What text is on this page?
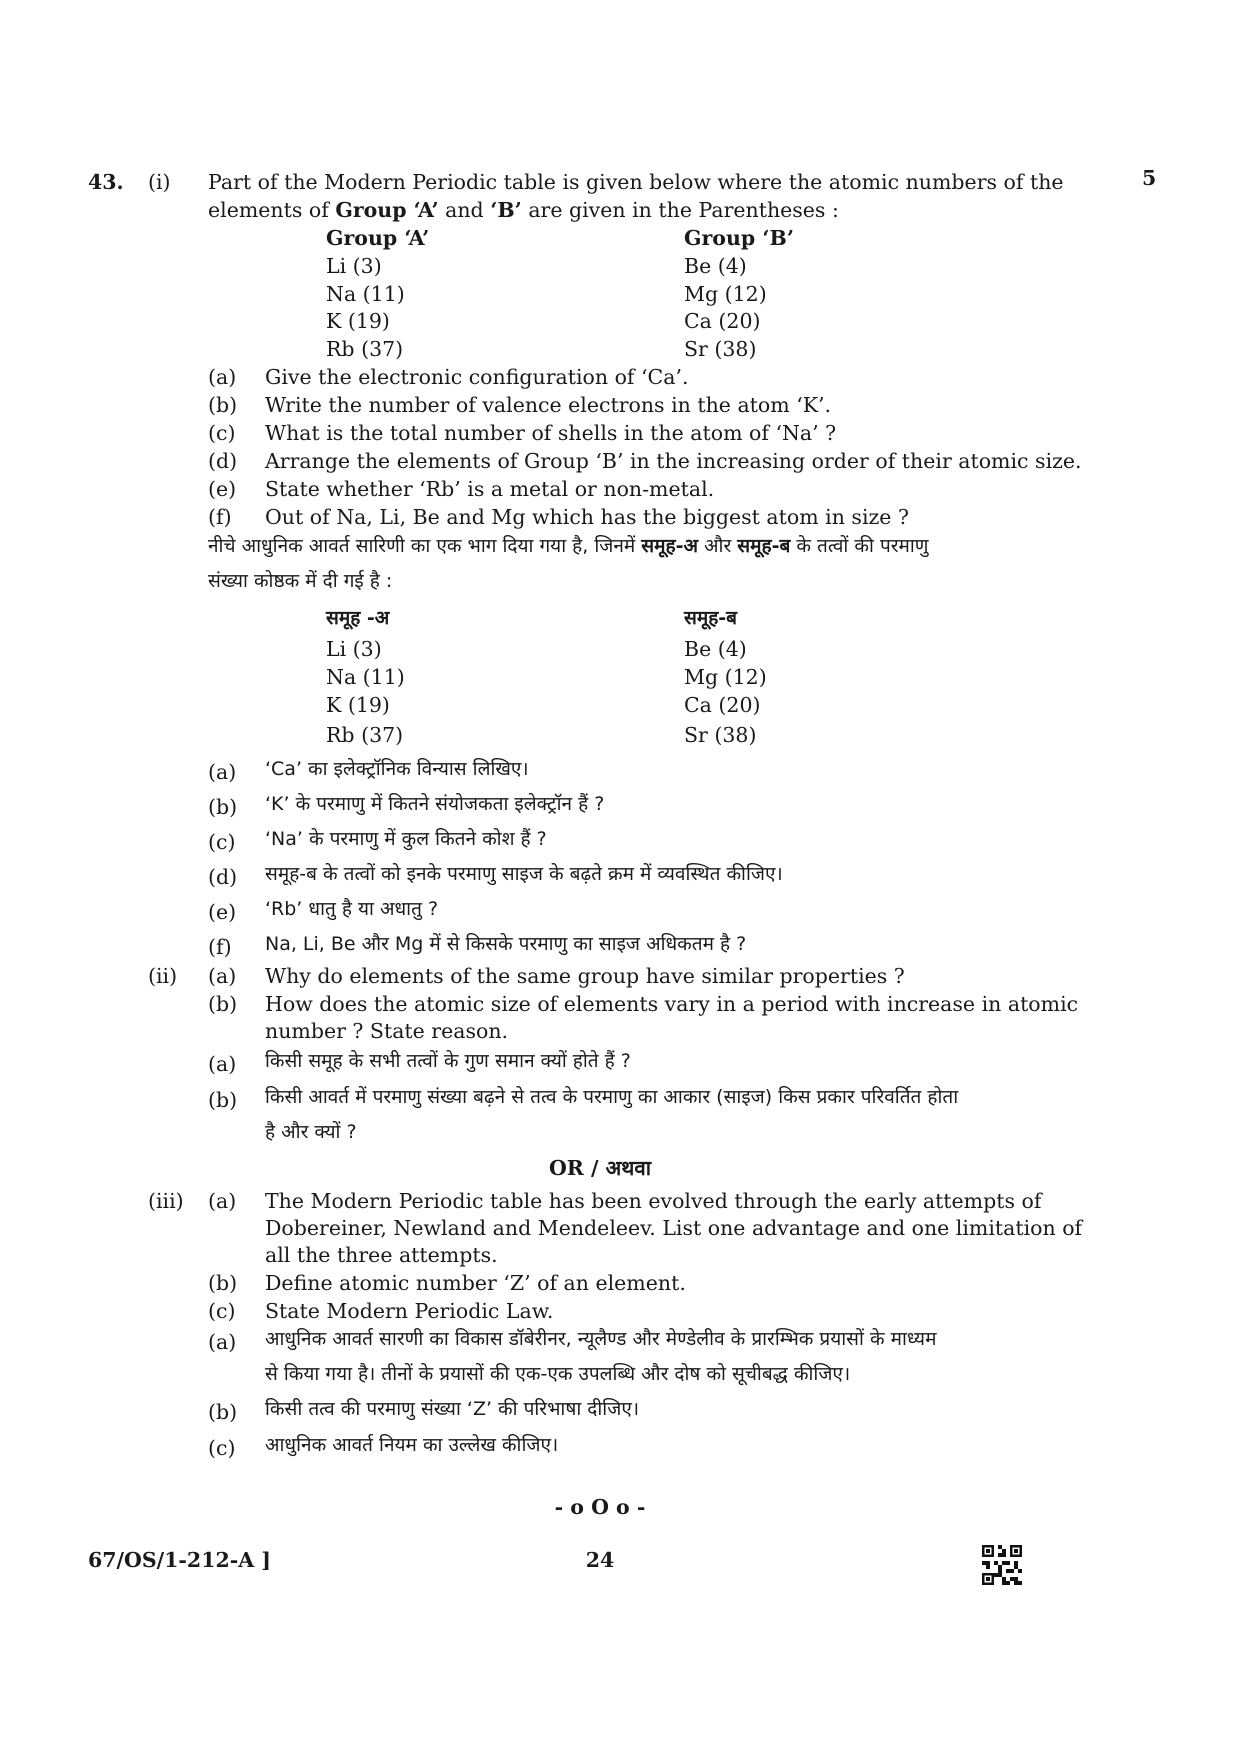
43. (i)	5
Part of the Modern Periodic table is given below where the atomic numbers of the
elements of Group ‘A’ and ‘B’ are given in the Parentheses :
Group ‘A’	Group ‘B’
Li (3)	Be (4)
Na (11)	Mg (12)
K (19)	Ca (20)
Rb (37)	Sr (38)
(a) Give the electronic configuration of ‘Ca’.
(b) Write the number of valence electrons in the atom ‘K’.
(c) What is the total number of shells in the atom of ‘Na’ ?
(d) Arrange the elements of Group ‘B’ in the increasing order of their atomic size.
(e) State whether ‘Rb’ is a metal or non-metal.
(f) Out of Na, Li, Be and Mg which has the biggest atom in size ?
नीचे आधुनिक आवर्त सारिणी का एक भाग दिया गया है, जिनमें समूह-अ और समूह-ब के तत्वों की परमाणु
संख्या कोष्ठक में दी गई है :
समूह -अ	समूह-ब
Li (3)	Be (4)
Na (11)	Mg (12)
K (19)	Ca (20)
Rb (37)	Sr (38)
(a) ‘Ca’ का इलेक्ट्रॉनिक विन्यास लिखिए।
(b) ‘K’ के परमाणु में कितने संयोजकता इलेक्ट्रॉन हैं ?
(c) ‘Na’ के परमाणु में कुल कितने कोश हैं ?
(d) समूह-ब के तत्वों को इनके परमाणु साइज के बढ़ते क्रम में व्यवस्थित कीजिए।
(e) ‘Rb’ धातु है या अधातु ?
(f) Na, Li, Be और Mg में से किसके परमाणु का साइज अधिकतम है ?
(ii) (a) Why do elements of the same group have similar properties ?
(b) How does the atomic size of elements vary in a period with increase in atomic
number ? State reason.
(a) किसी समूह के सभी तत्वों के गुण समान क्यों होते हैं ?
(b) किसी आवर्त में परमाणु संख्या बढ़ने से तत्व के परमाणु का आकार (साइज) किस प्रकार परिवर्तित होता
है और क्यों ?
OR / अथवा
(iii) (a) The Modern Periodic table has been evolved through the early attempts of
Dobereiner, Newland and Mendeleev. List one advantage and one limitation of
all the three attempts.
(b) Define atomic number ‘Z’ of an element.
(c) State Modern Periodic Law.
(a) आधुनिक आवर्त सारणी का विकास डॉबेरीनर, न्यूलैण्ड और मेण्डेलीव के प्रारम्भिक प्रयासों के माध्यम
से किया गया है। तीनों के प्रयासों की एक-एक उपलब्धि और दोष को सूचीबद्ध कीजिए।
(b) किसी तत्व की परमाणु संख्या ‘Z’ की परिभाषा दीजिए।
(c) आधुनिक आवर्त नियम का उल्लेख कीजिए।
- o O o -
67/OS/1-212-A ]	24
